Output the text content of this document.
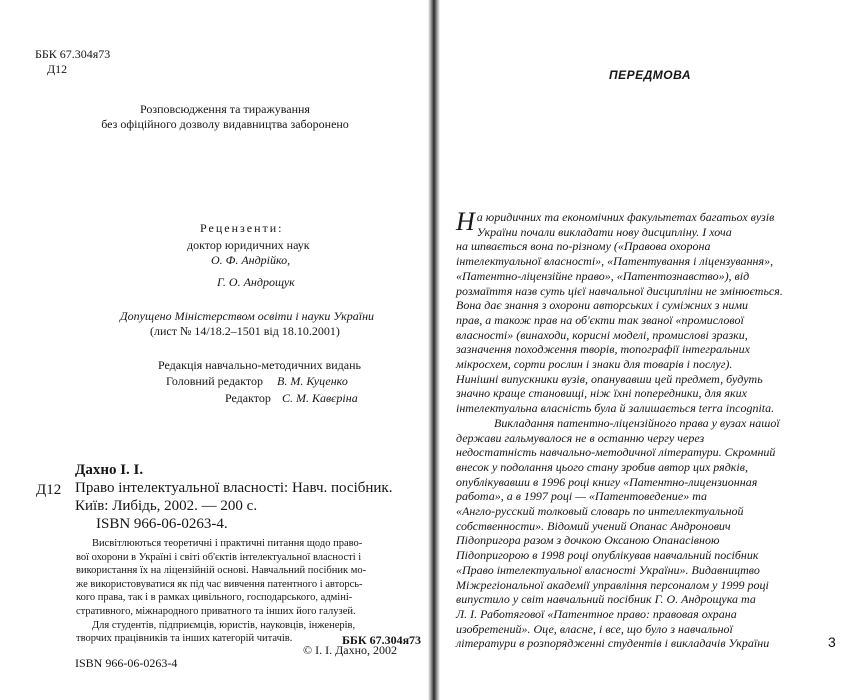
ББК 67.304я73
Д12
Розповсюдження та тиражування
без офіційного дозволу видавництва заборонено
Рецензенти:
доктор юридичних наук
О. Ф. Андрійко,
Г. О. Андрощук
Допущено Міністерством освіти і науки України
(лист № 14/18.2–1501 від 18.10.2001)
Редакція навчально-методичних видань
Головний редактор В. М. Куценко
Редактор С. М. Кавєріна
Д12
Дахно І. І.
Право інтелектуальної власності: Навч. посібник.
Київ: Либідь, 2002. — 200 с.
ISBN 966-06-0263-4.
Висвітлюються теоретичні і практичні питання щодо право-
вої охорони в Україні і світі об'єктів інтелектуальної власності і
використання їх на ліцензійній основі. Навчальний посібник мо-
же використовуватися як під час вивчення патентного і авторсь-
кого права, так і в рамках цивільного, господарського, адміні-
стративного, міжнародного приватного та інших його галузей.
Для студентів, підприємців, юристів, науковців, інженерів,
творчих працівників та інших категорій читачів.	ББК 67.304я73
ISBN 966-06-0263-4
© І. І. Дахно, 2002
ПЕРЕДМОВА

На юридичних та економічних факультетах багатьох вузів

України почали викладати нову дисципліну. І хоча

на шпвається вона по-різному («Правова охорона

інтелектуальної власності», «Патентування і ліцензування»,

«Патентно-ліцензійне право», «Патентознавство»), від

розмаїття назв суть цієї навчальної дисципліни не змінюється.

Вона дає знання з охорони авторських і суміжних з ними

прав, а також прав на об'єкти так званої «промислової

власності» (винаходи, корисні моделі, промислові зразки,

зазначення походження творів, топографії інтегральних

мікросхем, сорти рослин і знаки для товарів і послуг).

Нинішні випускники вузів, опанувавши цей предмет, будуть

значно краще становищі, ніж їхні попередники, для яких

інтелектуальна власність була й залишається terra incognita.

Викладання патентно-ліцензійного права у вузах нашої

держави гальмувалося не в останню чергу через

недостатність навчально-методичної літератури. Скромний

внесок у подолання цього стану зробив автор цих рядків,

опублікувавши в 1996 році книгу «Патентно-лицензионная

работа», а в 1997 році — «Патентоведение» та

«Англо-русский толковый словарь по интеллектуальной

собственности». Відомий учений Опанас Андронович

Підопригора разом з дочкою Оксаною Опанасівною

Підопригорою в 1998 році опублікував навчальний посібник

«Право інтелектуальної власності України». Видавництво

Міжрегіональної академії управління персоналом у 1999 році

випустило у світ навчальний посібник Г. О. Андрощука та

Л. І. Работягової «Патентное право: правовая охрана

изобретений». Оце, власне, і все, що було з навчальної

літератури в розпорядженні студентів і викладачів України	3
